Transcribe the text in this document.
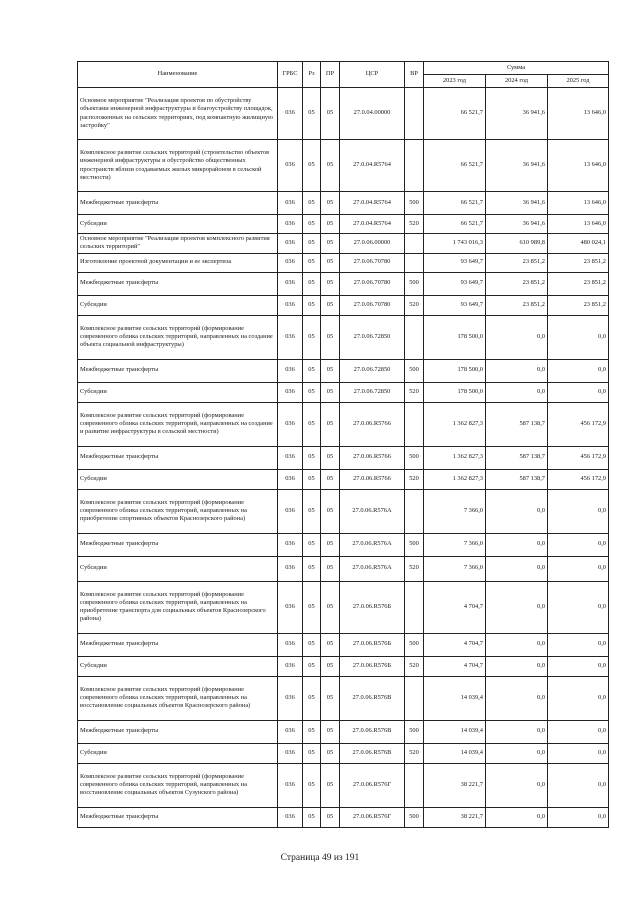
Наименование	ГРБС	Рз	ПР	ЦСР	ВР	Сумма		
						2023 год	2024 год	2025 год
Основное мероприятие "Реализация проектов по обустройству объектами инженерной инфраструктуры и благоустройству площадок, расположенных на сельских территориях, под компактную жилищную застройку"	036	05	05	27.0.04.00000		66 521,7	36 941,6	13 646,0
Комплексное развитие сельских территорий (строительство объектов инженерной инфраструктуры и обустройство общественных пространств вблизи создаваемых жилых микрорайонов в сельской местности)	036	05	05	27.0.04.R5764		66 521,7	36 941,6	13 646,0
Межбюджетные трансферты	036	05	05	27.0.04.R5764	500	66 521,7	36 941,6	13 646,0
Субсидии	036	05	05	27.0.04.R5764	520	66 521,7	36 941,6	13 646,0
Основное мероприятие "Реализация проектов комплексного развития сельских территорий"	036	05	05	27.0.06.00000		1 743 016,3	610 989,8	480 024,1
Изготовление проектной документации и ее экспертиза	036	05	05	27.0.06.70780		93 649,7	23 851,2	23 851,2
Межбюджетные трансферты	036	05	05	27.0.06.70780	500	93 649,7	23 851,2	23 851,2
Субсидии	036	05	05	27.0.06.70780	520	93 649,7	23 851,2	23 851,2
Комплексное развитие сельских территорий (формирование современного облика сельских территорий, направленных на создание объекта социальной инфраструктуры)	036	05	05	27.0.06.72850		178 500,0	0,0	0,0
Межбюджетные трансферты	036	05	05	27.0.06.72850	500	178 500,0	0,0	0,0
Субсидии	036	05	05	27.0.06.72850	520	178 500,0	0,0	0,0
Комплексное развитие сельских территорий (формирование современного облика сельских территорий, направленных на создание и развитие инфраструктуры в сельской местности)	036	05	05	27.0.06.R5766		1 362 827,3	587 138,7	456 172,9
Межбюджетные трансферты	036	05	05	27.0.06.R5766	500	1 362 827,3	587 138,7	456 172,9
Субсидии	036	05	05	27.0.06.R5766	520	1 362 827,3	587 138,7	456 172,9
Комплексное развитие сельских территорий (формирование современного облика сельских территорий, направленных на приобретение спортивных объектов Краснозерского района)	036	05	05	27.0.06.R576A		7 366,0	0,0	0,0
Межбюджетные трансферты	036	05	05	27.0.06.R576A	500	7 366,0	0,0	0,0
Субсидии	036	05	05	27.0.06.R576A	520	7 366,0	0,0	0,0
Комплексное развитие сельских территорий (формирование современного облика сельских территорий, направленных на приобретение транспорта для социальных объектов Краснозерского района)	036	05	05	27.0.06.R576Б		4 704,7	0,0	0,0
Межбюджетные трансферты	036	05	05	27.0.06.R576Б	500	4 704,7	0,0	0,0
Субсидии	036	05	05	27.0.06.R576Б	520	4 704,7	0,0	0,0
Комплексное развитие сельских территорий (формирование современного облика сельских территорий, направленных на восстановление социальных объектов Краснозерского района)	036	05	05	27.0.06.R576В		14 039,4	0,0	0,0
Межбюджетные трансферты	036	05	05	27.0.06.R576В	500	14 039,4	0,0	0,0
Субсидии	036	05	05	27.0.06.R576В	520	14 039,4	0,0	0,0
Комплексное развитие сельских территорий (формирование современного облика сельских территорий, направленных на восстановление социальных объектов Сузунского района)	036	05	05	27.0.06.R576Г		38 221,7	0,0	0,0
Межбюджетные трансферты	036	05	05	27.0.06.R576Г	500	38 221,7	0,0	0,0
Страница 49 из 191
